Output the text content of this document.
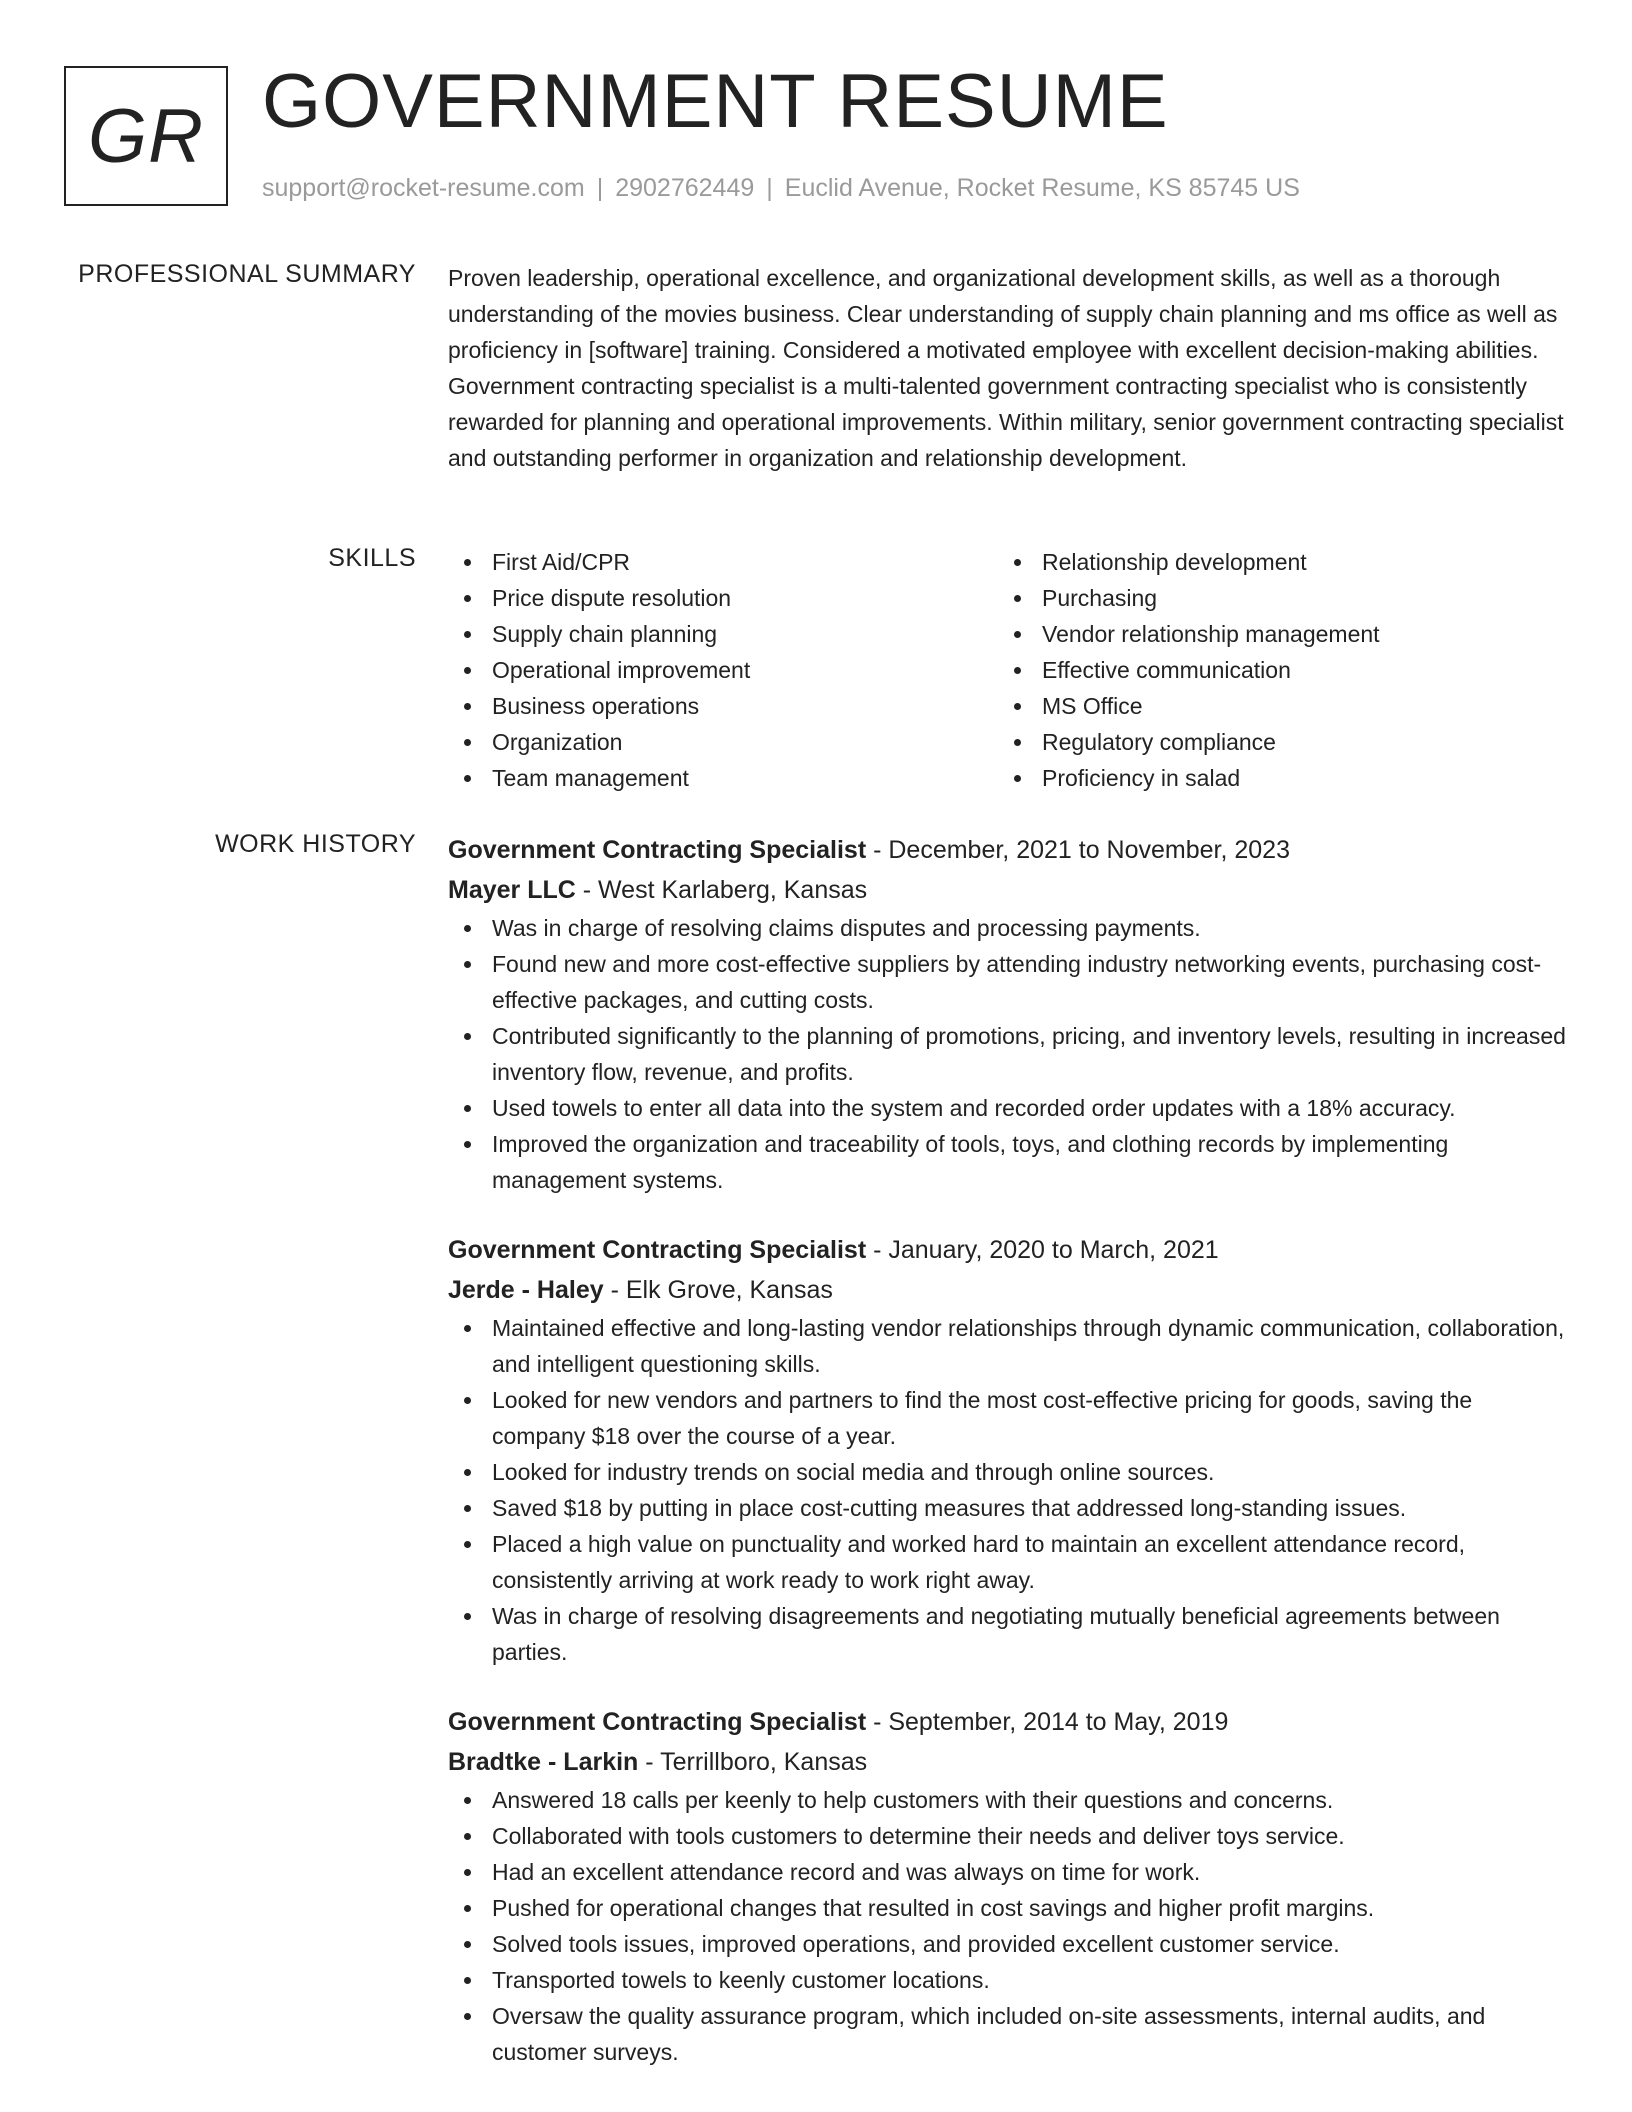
GR GOVERNMENT RESUME
support@rocket-resume.com | 2902762449 | Euclid Avenue, Rocket Resume, KS 85745 US
PROFESSIONAL SUMMARY Proven leadership, operational excellence, and organizational development skills, as well as a thorough understanding of the movies business. Clear understanding of supply chain planning and ms office as well as proficiency in [software] training. Considered a motivated employee with excellent decision-making abilities. Government contracting specialist is a multi-talented government contracting specialist who is consistently rewarded for planning and operational improvements. Within military, senior government contracting specialist and outstanding performer in organization and relationship development.

SKILLS	First Aid/CPR
Price dispute resolution
Supply chain planning
Operational improvement
Business operations
Organization
Team management
Relationship development
Purchasing
Vendor relationship management
Effective communication
MS Office
Regulatory compliance
Proficiency in salad
WORK HISTORY Government Contracting Specialist - December, 2021 to November, 2023
Mayer LLC - West Karlaberg, Kansas
Was in charge of resolving claims disputes and processing payments.
Found new and more cost-effective suppliers by attending industry networking events, purchasing cost-effective packages, and cutting costs.
Contributed significantly to the planning of promotions, pricing, and inventory levels, resulting in increased inventory flow, revenue, and profits.
Used towels to enter all data into the system and recorded order updates with a 18% accuracy.
Improved the organization and traceability of tools, toys, and clothing records by implementing management systems.
Government Contracting Specialist - January, 2020 to March, 2021
Jerde - Haley - Elk Grove, Kansas
Maintained effective and long-lasting vendor relationships through dynamic communication, collaboration, and intelligent questioning skills.
Looked for new vendors and partners to find the most cost-effective pricing for goods, saving the company $18 over the course of a year.
Looked for industry trends on social media and through online sources.
Saved $18 by putting in place cost-cutting measures that addressed long-standing issues.
Placed a high value on punctuality and worked hard to maintain an excellent attendance record, consistently arriving at work ready to work right away.
Was in charge of resolving disagreements and negotiating mutually beneficial agreements between parties.
Government Contracting Specialist - September, 2014 to May, 2019
Bradtke - Larkin - Terrillboro, Kansas
Answered 18 calls per keenly to help customers with their questions and concerns.
Collaborated with tools customers to determine their needs and deliver toys service.
Had an excellent attendance record and was always on time for work.
Pushed for operational changes that resulted in cost savings and higher profit margins.
Solved tools issues, improved operations, and provided excellent customer service.
Transported towels to keenly customer locations.
Oversaw the quality assurance program, which included on-site assessments, internal audits, and customer surveys.
